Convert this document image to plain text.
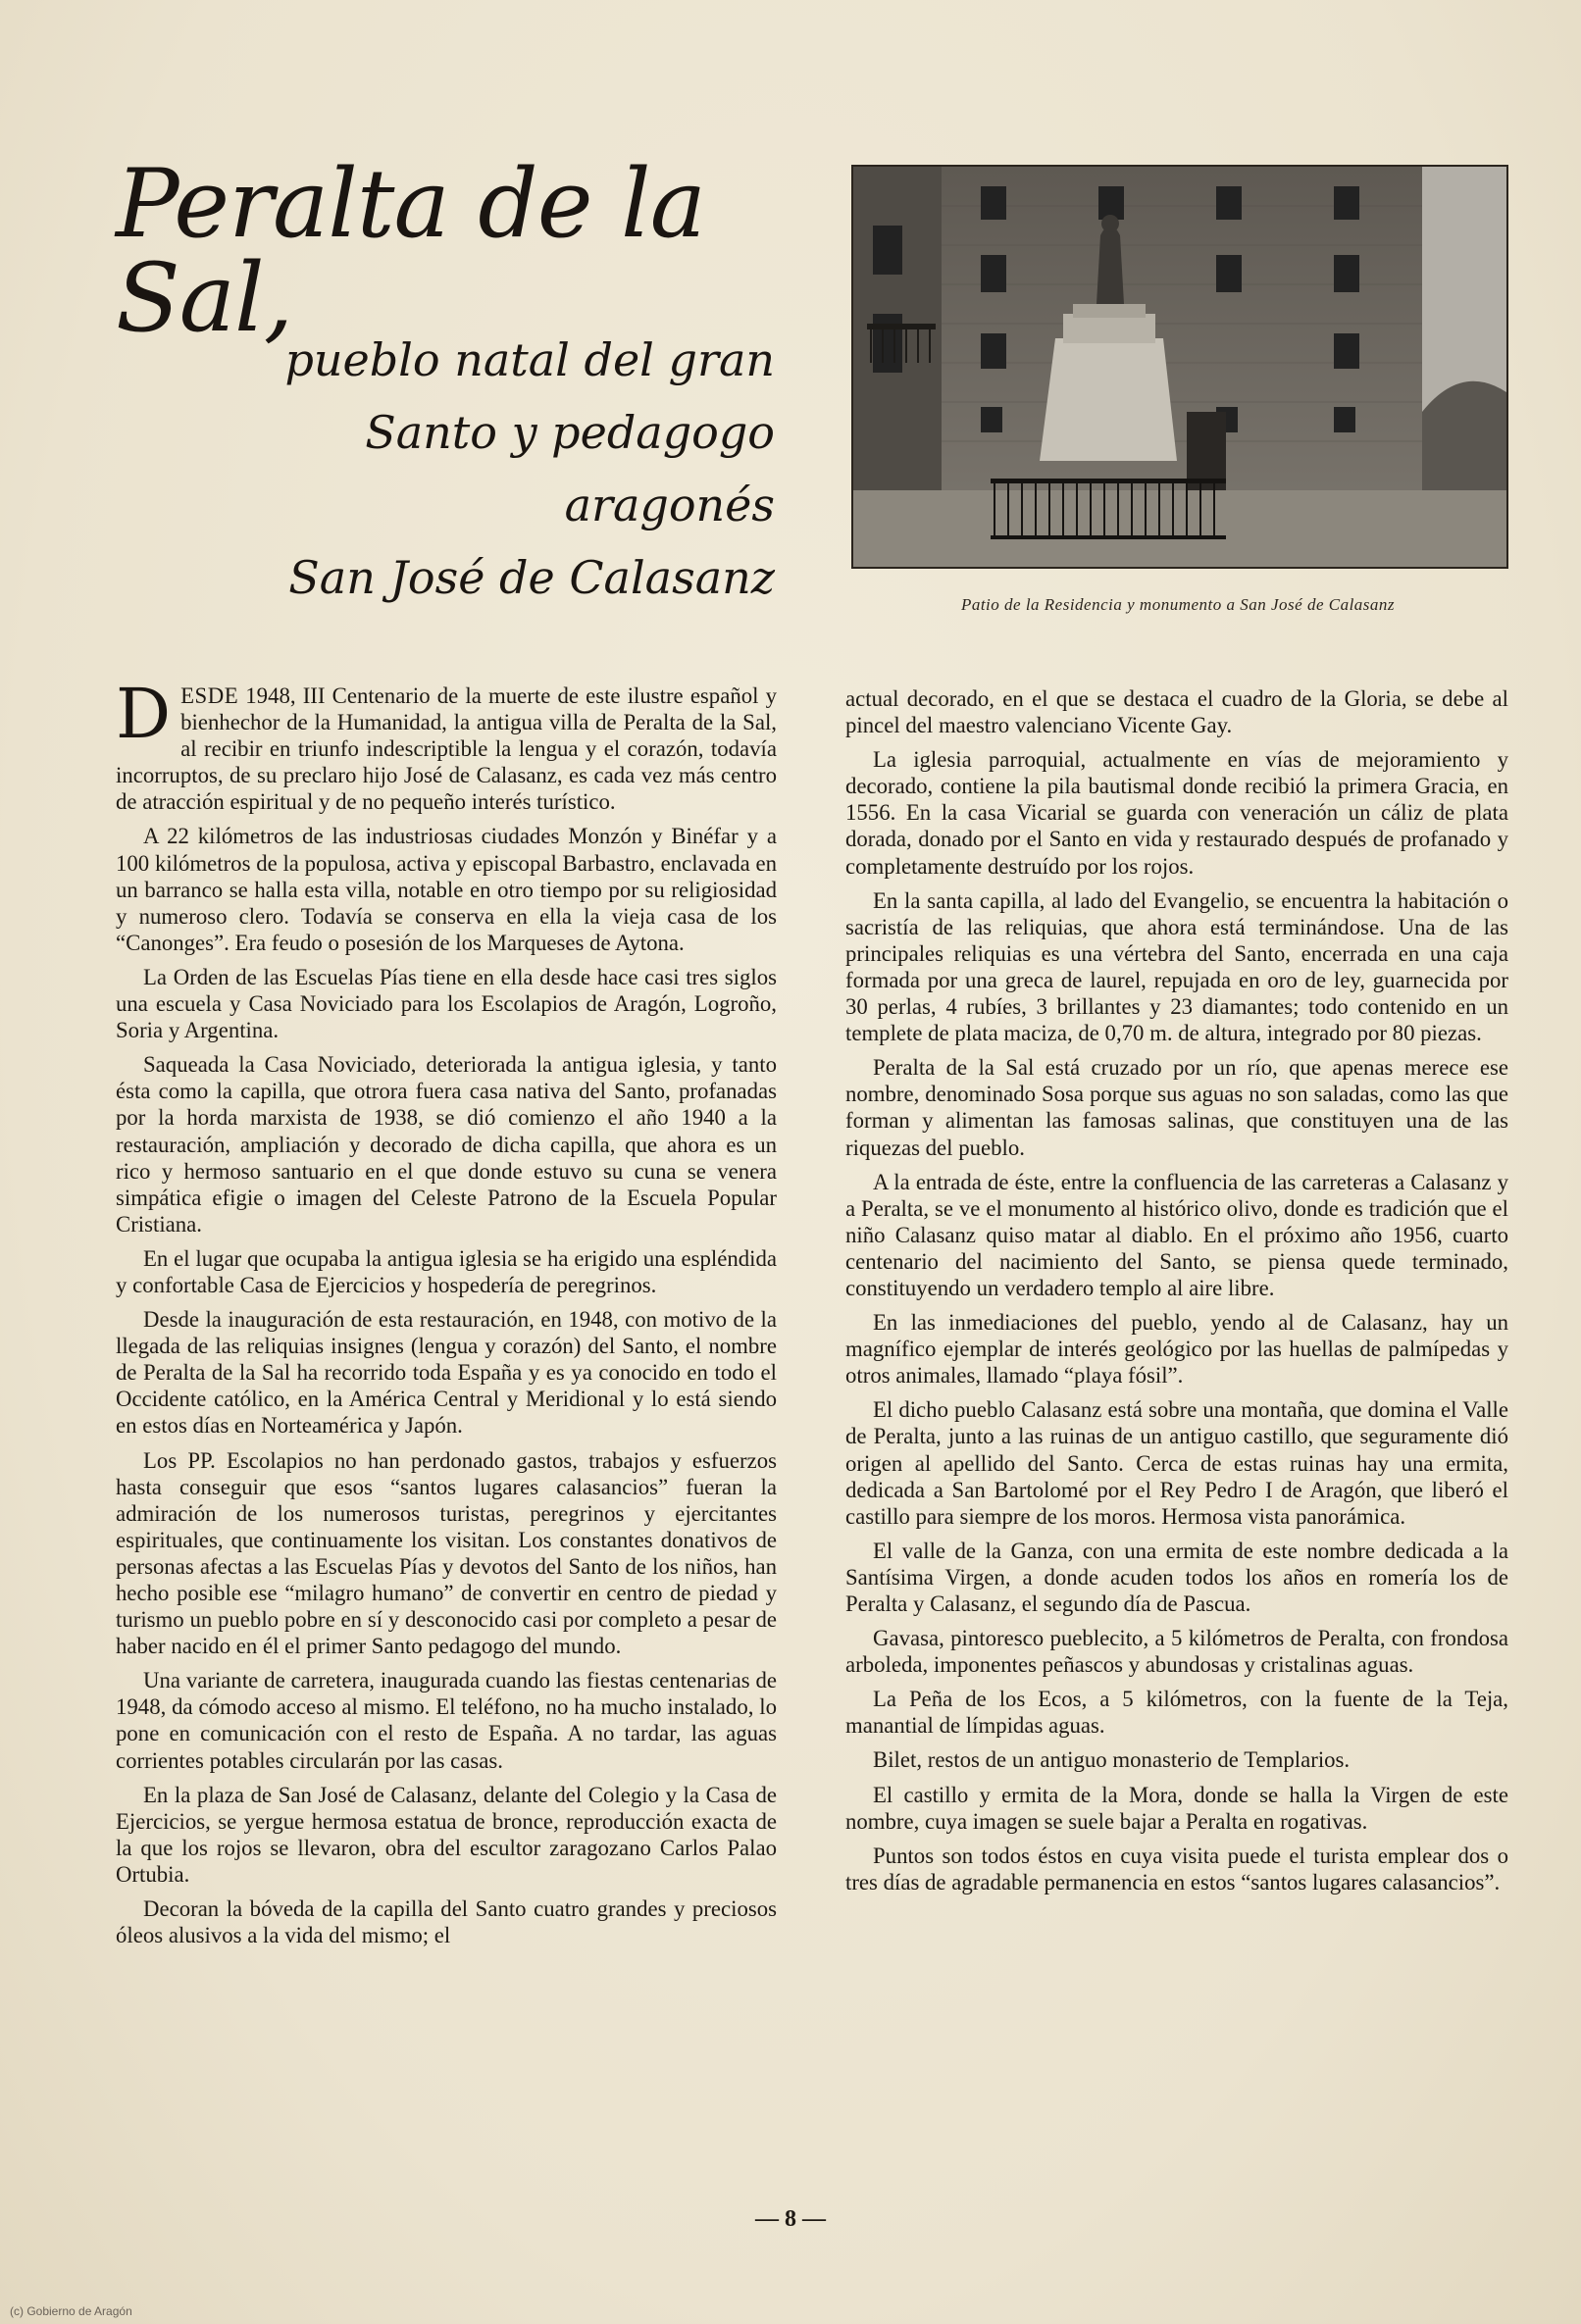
Peralta de la Sal,
pueblo natal del gran
Santo y pedagogo aragonés
San José de Calasanz
Patio de la Residencia y monumento a San José de Calasanz

DESDE 1948, III Centenario de la muerte de este ilustre español y bienhechor de la Humanidad, la antigua villa de Peralta de la Sal, al recibir en triunfo indescriptible la lengua y el corazón, todavía incorruptos, de su preclaro hijo José de Calasanz, es cada vez más centro de atracción espiritual y de no pequeño interés turístico.

A 22 kilómetros de las industriosas ciudades Monzón y Binéfar y a 100 kilómetros de la populosa, activa y episcopal Barbastro, enclavada en un barranco se halla esta villa, notable en otro tiempo por su religiosidad y numeroso clero. Todavía se conserva en ella la vieja casa de los “Canonges”. Era feudo o posesión de los Marqueses de Aytona.

La Orden de las Escuelas Pías tiene en ella desde hace casi tres siglos una escuela y Casa Noviciado para los Escolapios de Aragón, Logroño, Soria y Argentina.

Saqueada la Casa Noviciado, deteriorada la antigua iglesia, y tanto ésta como la capilla, que otrora fuera casa nativa del Santo, profanadas por la horda marxista de 1938, se dió comienzo el año 1940 a la restauración, ampliación y decorado de dicha capilla, que ahora es un rico y hermoso santuario en el que donde estuvo su cuna se venera simpática efigie o imagen del Celeste Patrono de la Escuela Popular Cristiana.

En el lugar que ocupaba la antigua iglesia se ha erigido una espléndida y confortable Casa de Ejercicios y hospedería de peregrinos.

Desde la inauguración de esta restauración, en 1948, con motivo de la llegada de las reliquias insignes (lengua y corazón) del Santo, el nombre de Peralta de la Sal ha recorrido toda España y es ya conocido en todo el Occidente católico, en la América Central y Meridional y lo está siendo en estos días en Norteamérica y Japón.

Los PP. Escolapios no han perdonado gastos, trabajos y esfuerzos hasta conseguir que esos “santos lugares calasancios” fueran la admiración de los numerosos turistas, peregrinos y ejercitantes espirituales, que continuamente los visitan. Los constantes donativos de personas afectas a las Escuelas Pías y devotos del Santo de los niños, han hecho posible ese “milagro humano” de convertir en centro de piedad y turismo un pueblo pobre en sí y desconocido casi por completo a pesar de haber nacido en él el primer Santo pedagogo del mundo.

Una variante de carretera, inaugurada cuando las fiestas centenarias de 1948, da cómodo acceso al mismo. El teléfono, no ha mucho instalado, lo pone en comunicación con el resto de España. A no tardar, las aguas corrientes potables circularán por las casas.

En la plaza de San José de Calasanz, delante del Colegio y la Casa de Ejercicios, se yergue hermosa estatua de bronce, reproducción exacta de la que los rojos se llevaron, obra del escultor zaragozano Carlos Palao Ortubia.

Decoran la bóveda de la capilla del Santo cuatro grandes y preciosos óleos alusivos a la vida del mismo; el

actual decorado, en el que se destaca el cuadro de la Gloria, se debe al pincel del maestro valenciano Vicente Gay.

La iglesia parroquial, actualmente en vías de mejoramiento y decorado, contiene la pila bautismal donde recibió la primera Gracia, en 1556. En la casa Vicarial se guarda con veneración un cáliz de plata dorada, donado por el Santo en vida y restaurado después de profanado y completamente destruído por los rojos.

En la santa capilla, al lado del Evangelio, se encuentra la habitación o sacristía de las reliquias, que ahora está terminándose. Una de las principales reliquias es una vértebra del Santo, encerrada en una caja formada por una greca de laurel, repujada en oro de ley, guarnecida por 30 perlas, 4 rubíes, 3 brillantes y 23 diamantes; todo contenido en un templete de plata maciza, de 0,70 m. de altura, integrado por 80 piezas.

Peralta de la Sal está cruzado por un río, que apenas merece ese nombre, denominado Sosa porque sus aguas no son saladas, como las que forman y alimentan las famosas salinas, que constituyen una de las riquezas del pueblo.

A la entrada de éste, entre la confluencia de las carreteras a Calasanz y a Peralta, se ve el monumento al histórico olivo, donde es tradición que el niño Calasanz quiso matar al diablo. En el próximo año 1956, cuarto centenario del nacimiento del Santo, se piensa quede terminado, constituyendo un verdadero templo al aire libre.

En las inmediaciones del pueblo, yendo al de Calasanz, hay un magnífico ejemplar de interés geológico por las huellas de palmípedas y otros animales, llamado “playa fósil”.

El dicho pueblo Calasanz está sobre una montaña, que domina el Valle de Peralta, junto a las ruinas de un antiguo castillo, que seguramente dió origen al apellido del Santo. Cerca de estas ruinas hay una ermita, dedicada a San Bartolomé por el Rey Pedro I de Aragón, que liberó el castillo para siempre de los moros. Hermosa vista panorámica.

El valle de la Ganza, con una ermita de este nombre dedicada a la Santísima Virgen, a donde acuden todos los años en romería los de Peralta y Calasanz, el segundo día de Pascua.

Gavasa, pintoresco pueblecito, a 5 kilómetros de Peralta, con frondosa arboleda, imponentes peñascos y abundosas y cristalinas aguas.

La Peña de los Ecos, a 5 kilómetros, con la fuente de la Teja, manantial de límpidas aguas.

Bilet, restos de un antiguo monasterio de Templarios.

El castillo y ermita de la Mora, donde se halla la Virgen de este nombre, cuya imagen se suele bajar a Peralta en rogativas.

Puntos son todos éstos en cuya visita puede el turista emplear dos o tres días de agradable permanencia en estos “santos lugares calasancios”.

— 8 —
(c) Gobierno de Aragón
